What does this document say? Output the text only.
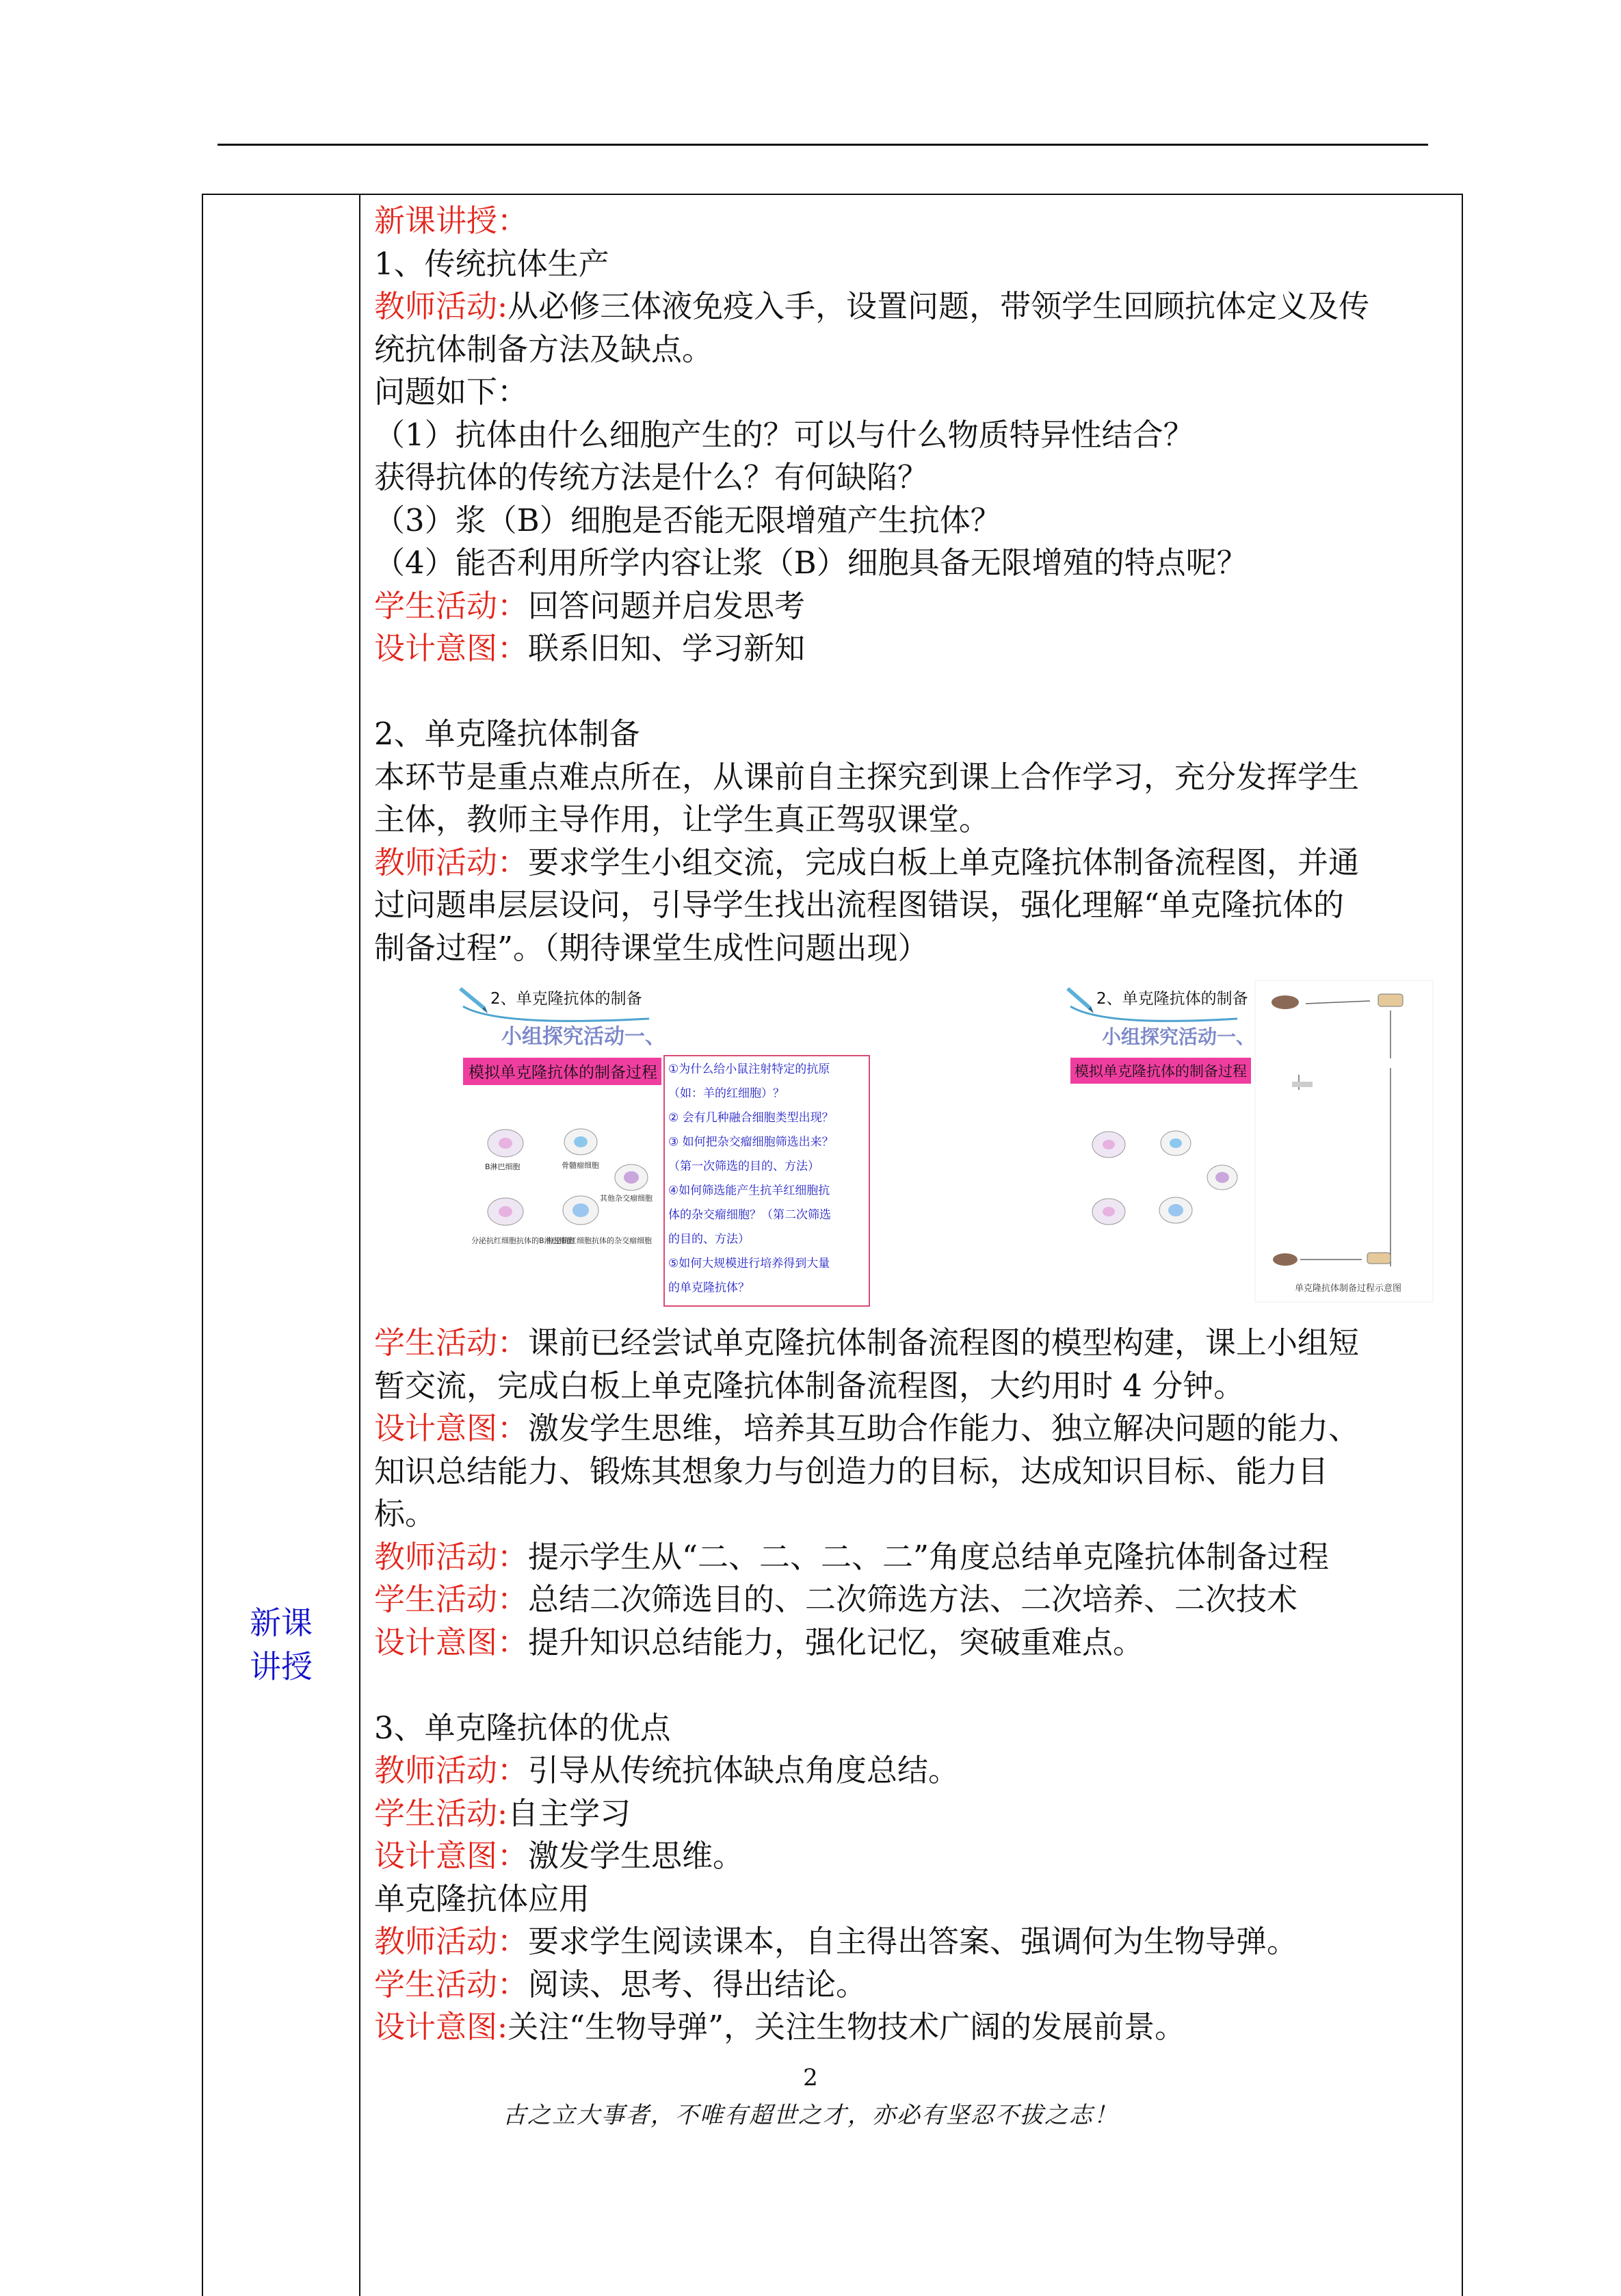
新课
讲授

新课讲授：

1、传统抗体生产

教师活动:从必修三体液免疫入手，设置问题，带领学生回顾抗体定义及传

统抗体制备方法及缺点。

问题如下：

（1）抗体由什么细胞产生的？可以与什么物质特异性结合？

获得抗体的传统方法是什么？有何缺陷？

（3）浆（B）细胞是否能无限增殖产生抗体？

（4）能否利用所学内容让浆（B）细胞具备无限增殖的特点呢？

学生活动：回答问题并启发思考

设计意图：联系旧知、学习新知

2、单克隆抗体制备

本环节是重点难点所在，从课前自主探究到课上合作学习，充分发挥学生

主体，教师主导作用，让学生真正驾驭课堂。

教师活动：要求学生小组交流，完成白板上单克隆抗体制备流程图，并通

过问题串层层设问，引导学生找出流程图错误，强化理解“单克隆抗体的

制备过程”。（期待课堂生成性问题出现）

2、单克隆抗体的制备
小组探究活动一、
模拟单克隆抗体的制备过程
B淋巴细胞	骨髓瘤细胞
其他杂交瘤细胞
分泌抗红细胞抗体的B淋巴细胞
分泌抗红细胞抗体的杂交瘤细胞
①为什么给小鼠注射特定的抗原
（如：羊的红细胞）？
② 会有几种融合细胞类型出现？
③ 如何把杂交瘤细胞筛选出来？
（第一次筛选的目的、方法）
④如何筛选能产生抗羊红细胞抗
体的杂交瘤细胞？（第二次筛选
的目的、方法）
⑤如何大规模进行培养得到大量
的单克隆抗体？
2、单克隆抗体的制备
小组探究活动一、
模拟单克隆抗体的制备过程
单克隆抗体制备过程示意图

学生活动：课前已经尝试单克隆抗体制备流程图的模型构建，课上小组短

暂交流，完成白板上单克隆抗体制备流程图，大约用时 4 分钟。

设计意图：激发学生思维，培养其互助合作能力、独立解决问题的能力、

知识总结能力、锻炼其想象力与创造力的目标，达成知识目标、能力目

标。

教师活动：提示学生从“二、二、二、二”角度总结单克隆抗体制备过程

学生活动：总结二次筛选目的、二次筛选方法、二次培养、二次技术

设计意图：提升知识总结能力，强化记忆，突破重难点。

3、单克隆抗体的优点

教师活动：引导从传统抗体缺点角度总结。

学生活动:自主学习

设计意图：激发学生思维。

单克隆抗体应用

教师活动：要求学生阅读课本，自主得出答案、强调何为生物导弹。

学生活动：阅读、思考、得出结论。

设计意图:关注“生物导弹”，关注生物技术广阔的发展前景。

2
古之立大事者，不唯有超世之才，亦必有坚忍不拔之志！
